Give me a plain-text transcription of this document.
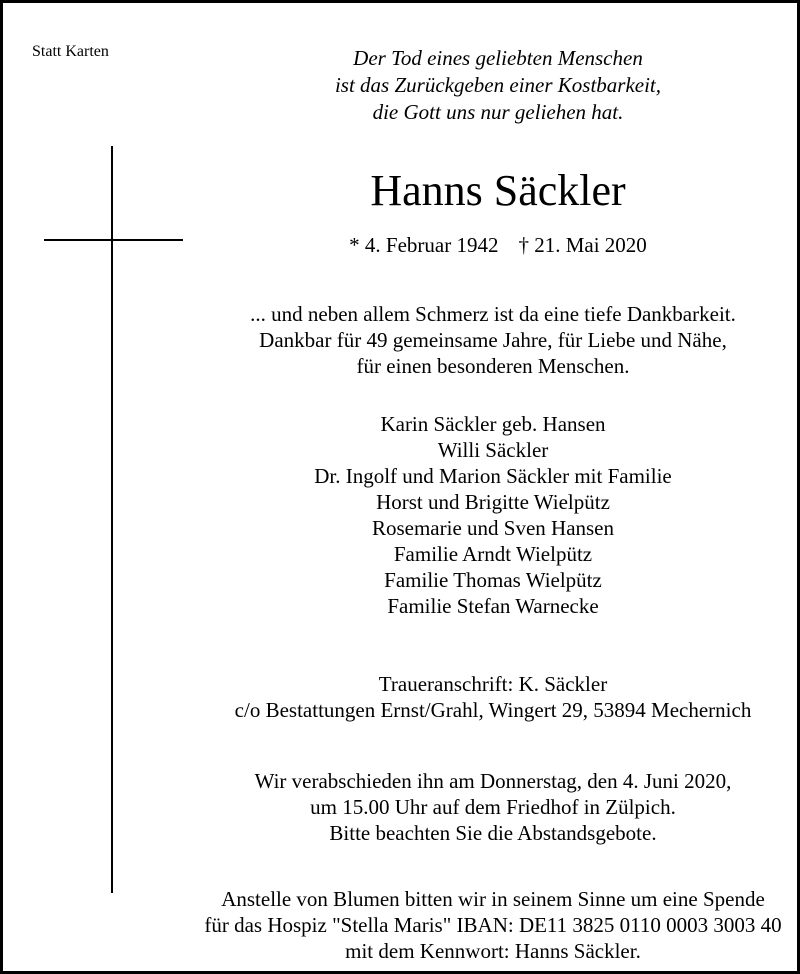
Statt Karten	Der Tod eines geliebten Menschen
ist das Zurückgeben einer Kostbarkeit,
die Gott uns nur geliehen hat.
Hanns Säckler
* 4. Februar 1942 † 21. Mai 2020
... und neben allem Schmerz ist da eine tiefe Dankbarkeit.
Dankbar für 49 gemeinsame Jahre, für Liebe und Nähe,
für einen besonderen Menschen.
Karin Säckler geb. Hansen
Willi Säckler
Dr. Ingolf und Marion Säckler mit Familie
Horst und Brigitte Wielpütz
Rosemarie und Sven Hansen
Familie Arndt Wielpütz
Familie Thomas Wielpütz
Familie Stefan Warnecke
Traueranschrift: K. Säckler
c/o Bestattungen Ernst/Grahl, Wingert 29, 53894 Mechernich
Wir verabschieden ihn am Donnerstag, den 4. Juni 2020,
um 15.00 Uhr auf dem Friedhof in Zülpich.
Bitte beachten Sie die Abstandsgebote.
Anstelle von Blumen bitten wir in seinem Sinne um eine Spende
für das Hospiz "Stella Maris" IBAN: DE11 3825 0110 0003 3003 40
mit dem Kennwort: Hanns Säckler.
